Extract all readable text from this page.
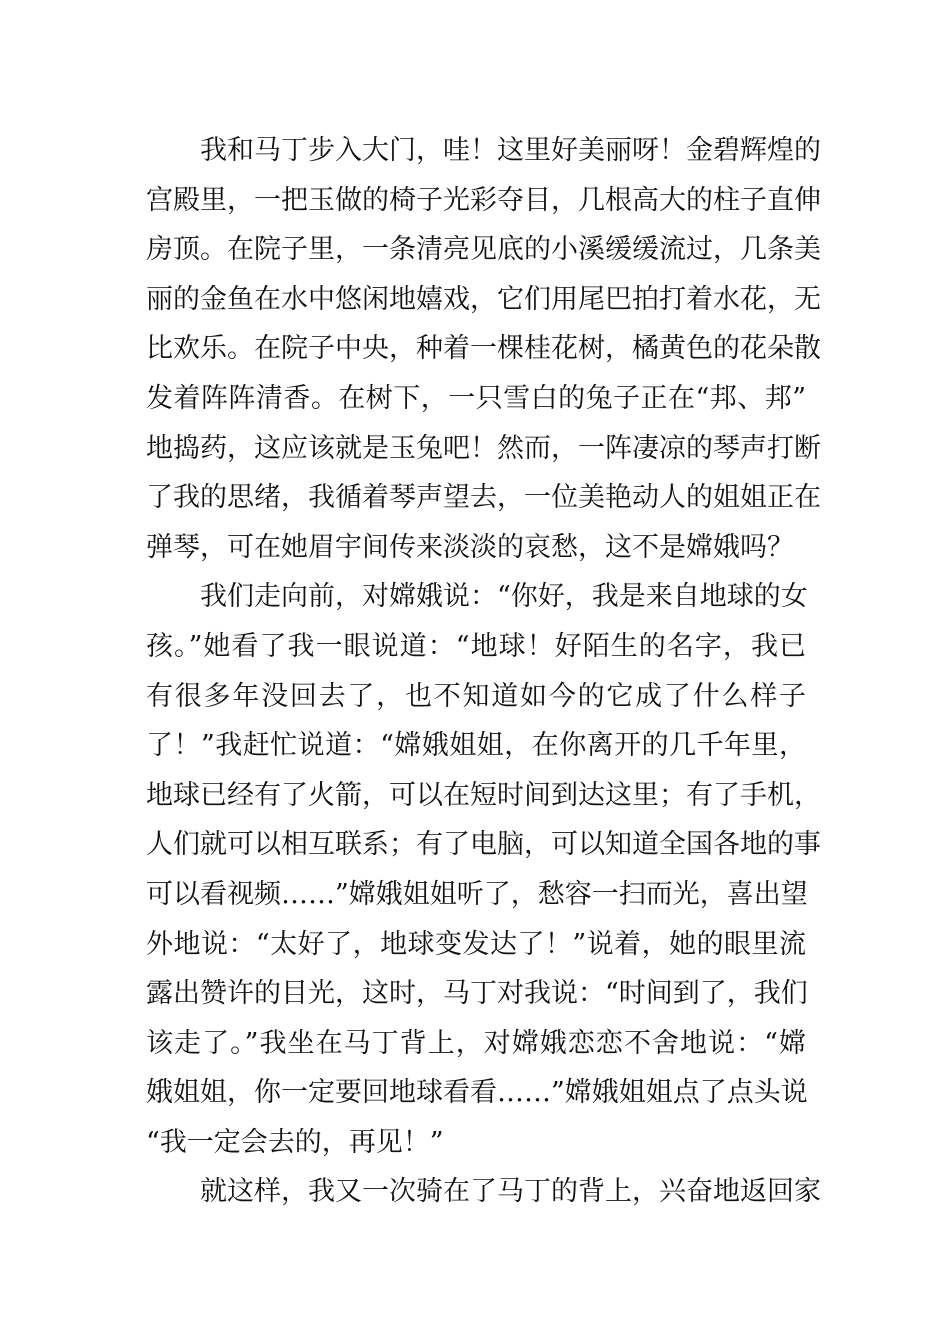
我和马丁步入大门，哇！这里好美丽呀！金碧辉煌的
宫殿里，一把玉做的椅子光彩夺目，几根高大的柱子直伸
房顶。在院子里，一条清亮见底的小溪缓缓流过，几条美
丽的金鱼在水中悠闲地嬉戏，它们用尾巴拍打着水花，无
比欢乐。在院子中央，种着一棵桂花树，橘黄色的花朵散
发着阵阵清香。在树下，一只雪白的兔子正在“邦、邦”
地捣药，这应该就是玉兔吧！然而，一阵凄凉的琴声打断
了我的思绪，我循着琴声望去，一位美艳动人的姐姐正在
弹琴，可在她眉宇间传来淡淡的哀愁，这不是嫦娥吗？
我们走向前，对嫦娥说：“你好，我是来自地球的女
孩。”她看了我一眼说道：“地球！好陌生的名字，我已
有很多年没回去了，也不知道如今的它成了什么样子
了！”我赶忙说道：“嫦娥姐姐，在你离开的几千年里，
地球已经有了火箭，可以在短时间到达这里；有了手机，
人们就可以相互联系；有了电脑，可以知道全国各地的事
可以看视频……”嫦娥姐姐听了，愁容一扫而光，喜出望
外地说：“太好了，地球变发达了！”说着，她的眼里流
露出赞许的目光，这时，马丁对我说：“时间到了，我们
该走了。”我坐在马丁背上，对嫦娥恋恋不舍地说：“嫦
娥姐姐，你一定要回地球看看……”嫦娥姐姐点了点头说
“我一定会去的，再见！”
就这样，我又一次骑在了马丁的背上，兴奋地返回家
